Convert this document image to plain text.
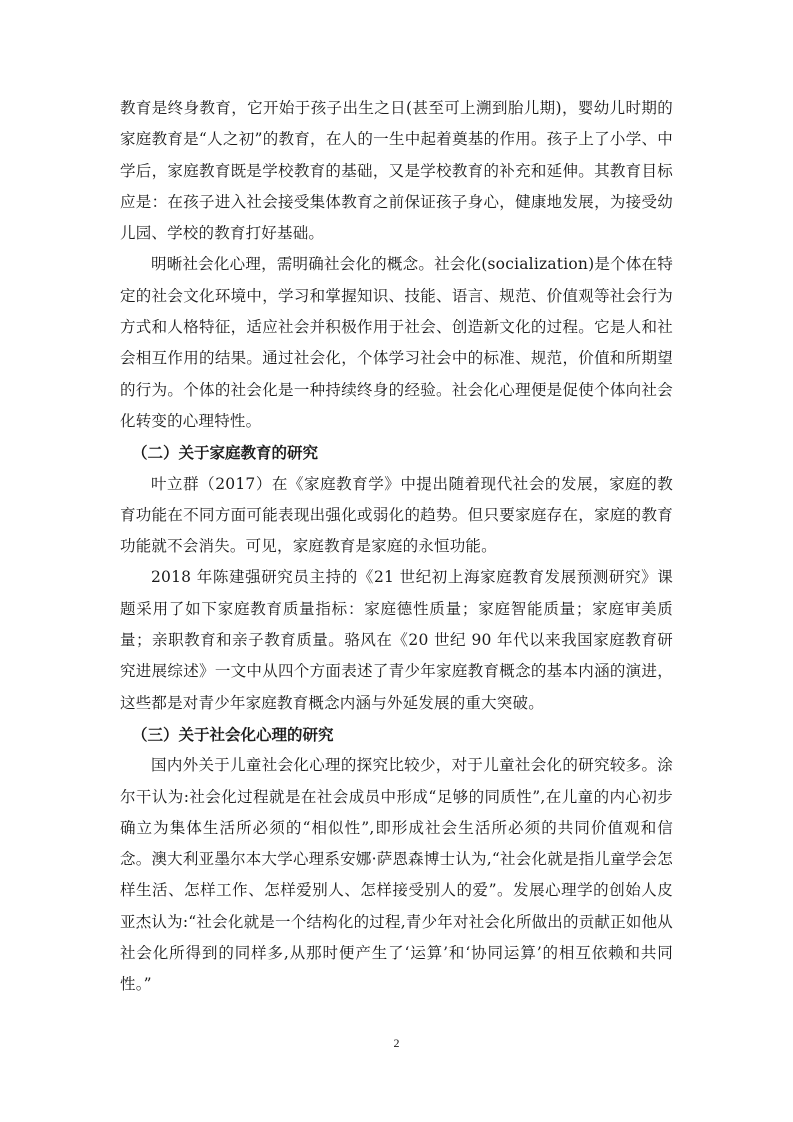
教育是终身教育，它开始于孩子出生之日(甚至可上溯到胎儿期)，婴幼儿时期的家庭教育是“人之初”的教育，在人的一生中起着奠基的作用。孩子上了小学、中学后，家庭教育既是学校教育的基础，又是学校教育的补充和延伸。其教育目标应是：在孩子进入社会接受集体教育之前保证孩子身心，健康地发展，为接受幼儿园、学校的教育打好基础。

明晰社会化心理，需明确社会化的概念。社会化(socialization)是个体在特定的社会文化环境中，学习和掌握知识、技能、语言、规范、价值观等社会行为方式和人格特征，适应社会并积极作用于社会、创造新文化的过程。它是人和社会相互作用的结果。通过社会化，个体学习社会中的标准、规范，价值和所期望的行为。个体的社会化是一种持续终身的经验。社会化心理便是促使个体向社会化转变的心理特性。

（二）关于家庭教育的研究

叶立群（2017）在《家庭教育学》中提出随着现代社会的发展，家庭的教育功能在不同方面可能表现出强化或弱化的趋势。但只要家庭存在，家庭的教育功能就不会消失。可见，家庭教育是家庭的永恒功能。

2018 年陈建强研究员主持的《21 世纪初上海家庭教育发展预测研究》课题采用了如下家庭教育质量指标：家庭德性质量；家庭智能质量；家庭审美质量；亲职教育和亲子教育质量。骆风在《20 世纪 90 年代以来我国家庭教育研究进展综述》一文中从四个方面表述了青少年家庭教育概念的基本内涵的演进，这些都是对青少年家庭教育概念内涵与外延发展的重大突破。

（三）关于社会化心理的研究

国内外关于儿童社会化心理的探究比较少，对于儿童社会化的研究较多。涂尔干认为:社会化过程就是在社会成员中形成“足够的同质性”,在儿童的内心初步确立为集体生活所必须的“相似性”,即形成社会生活所必须的共同价值观和信念。澳大利亚墨尔本大学心理系安娜·萨恩森博士认为,“社会化就是指儿童学会怎样生活、怎样工作、怎样爱别人、怎样接受别人的爱”。发展心理学的创始人皮亚杰认为:“社会化就是一个结构化的过程,青少年对社会化所做出的贡献正如他从社会化所得到的同样多,从那时便产生了‘运算’和‘协同运算’的相互依赖和共同性。”

2
